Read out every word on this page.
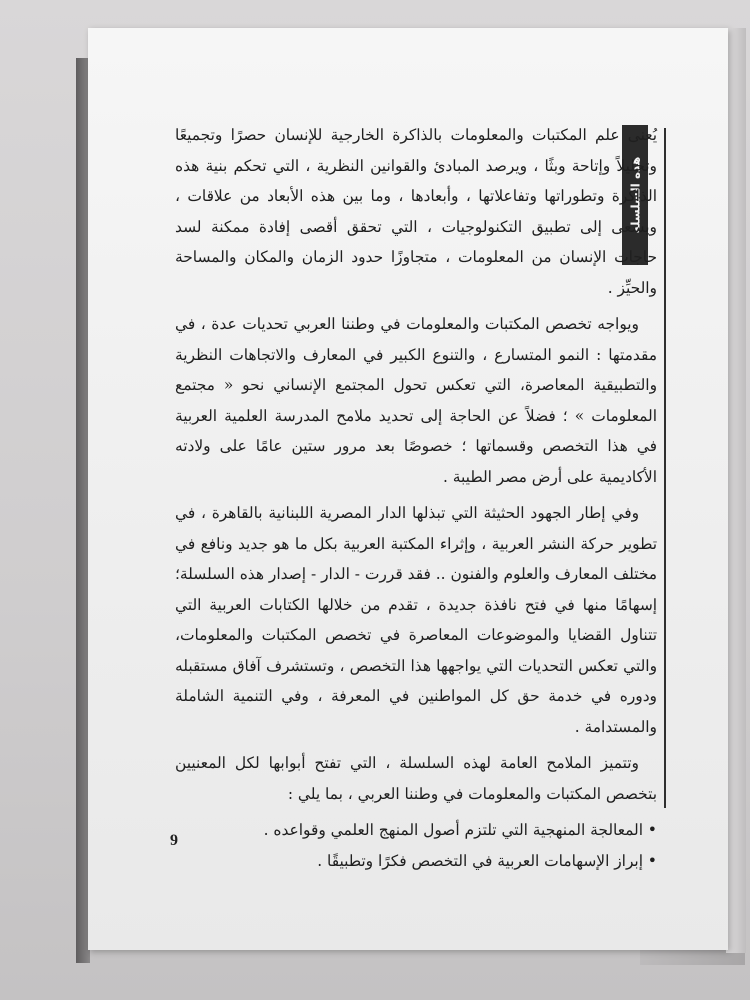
هذه السلسلة

يُعنى علم المكتبات والمعلومات بالذاكرة الخارجية للإنسان حصرًا وتجميعًا وتحليلاً وإتاحة وبثًا ، ويرصد المبادئ والقوانين النظرية ، التي تحكم بنية هذه الذاكرة وتطوراتها وتفاعلاتها ، وأبعادها ، وما بين هذه الأبعاد من علاقات ، ويسعى إلى تطبيق التكنولوجيات ، التي تحقق أقصى إفادة ممكنة لسد حاجات الإنسان من المعلومات ، متجاوزًا حدود الزمان والمكان والمساحة والحيِّز .

ويواجه تخصص المكتبات والمعلومات في وطننا العربي تحديات عدة ، في مقدمتها : النمو المتسارع ، والتنوع الكبير في المعارف والاتجاهات النظرية والتطبيقية المعاصرة، التي تعكس تحول المجتمع الإنساني نحو « مجتمع المعلومات » ؛ فضلاً عن الحاجة إلى تحديد ملامح المدرسة العلمية العربية في هذا التخصص وقسماتها ؛ خصوصًا بعد مرور ستين عامًا على ولادته الأكاديمية على أرض مصر الطيبة .

وفي إطار الجهود الحثيثة التي تبذلها الدار المصرية اللبنانية بالقاهرة ، في تطوير حركة النشر العربية ، وإثراء المكتبة العربية بكل ما هو جديد ونافع في مختلف المعارف والعلوم والفنون .. فقد قررت - الدار - إصدار هذه السلسلة؛ إسهامًا منها في فتح نافذة جديدة ، تقدم من خلالها الكتابات العربية التي تتناول القضايا والموضوعات المعاصرة في تخصص المكتبات والمعلومات، والتي تعكس التحديات التي يواجهها هذا التخصص ، وتستشرف آفاق مستقبله ودوره في خدمة حق كل المواطنين في المعرفة ، وفي التنمية الشاملة والمستدامة .

وتتميز الملامح العامة لهذه السلسلة ، التي تفتح أبوابها لكل المعنيين بتخصص المكتبات والمعلومات في وطننا العربي ، بما يلي :

• المعالجة المنهجية التي تلتزم أصول المنهج العلمي وقواعده .
• إبراز الإسهامات العربية في التخصص فكرًا وتطبيقًا .
9
